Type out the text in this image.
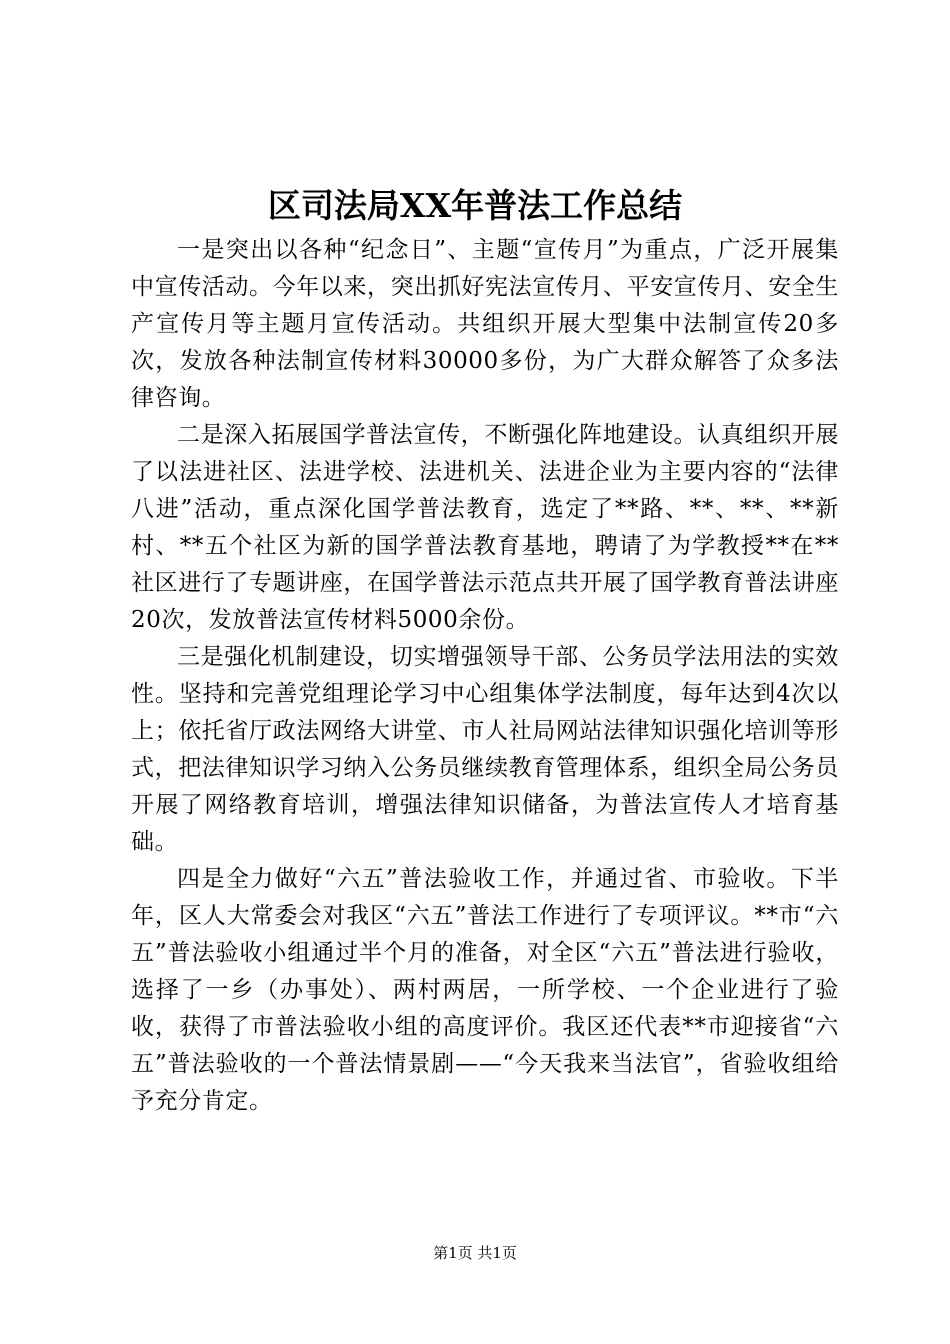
区司法局XX年普法工作总结

一是突出以各种“纪念日”、主题“宣传月”为重点，广泛开展集中宣传活动。今年以来，突出抓好宪法宣传月、平安宣传月、安全生产宣传月等主题月宣传活动。共组织开展大型集中法制宣传20多次，发放各种法制宣传材料30000多份，为广大群众解答了众多法律咨询。

二是深入拓展国学普法宣传，不断强化阵地建设。认真组织开展了以法进社区、法进学校、法进机关、法进企业为主要内容的“法律八进”活动，重点深化国学普法教育，选定了**路、**、**、**新村、**五个社区为新的国学普法教育基地，聘请了为学教授**在**社区进行了专题讲座，在国学普法示范点共开展了国学教育普法讲座20次，发放普法宣传材料5000余份。

三是强化机制建设，切实增强领导干部、公务员学法用法的实效性。坚持和完善党组理论学习中心组集体学法制度，每年达到4次以上；依托省厅政法网络大讲堂、市人社局网站法律知识强化培训等形式，把法律知识学习纳入公务员继续教育管理体系，组织全局公务员开展了网络教育培训，增强法律知识储备，为普法宣传人才培育基础。

四是全力做好“六五”普法验收工作，并通过省、市验收。下半年，区人大常委会对我区“六五”普法工作进行了专项评议。**市“六五”普法验收小组通过半个月的准备，对全区“六五”普法进行验收，选择了一乡（办事处）、两村两居，一所学校、一个企业进行了验收，获得了市普法验收小组的高度评价。我区还代表**市迎接省“六五”普法验收的一个普法情景剧——“今天我来当法官”，省验收组给予充分肯定。

第1页 共1页
